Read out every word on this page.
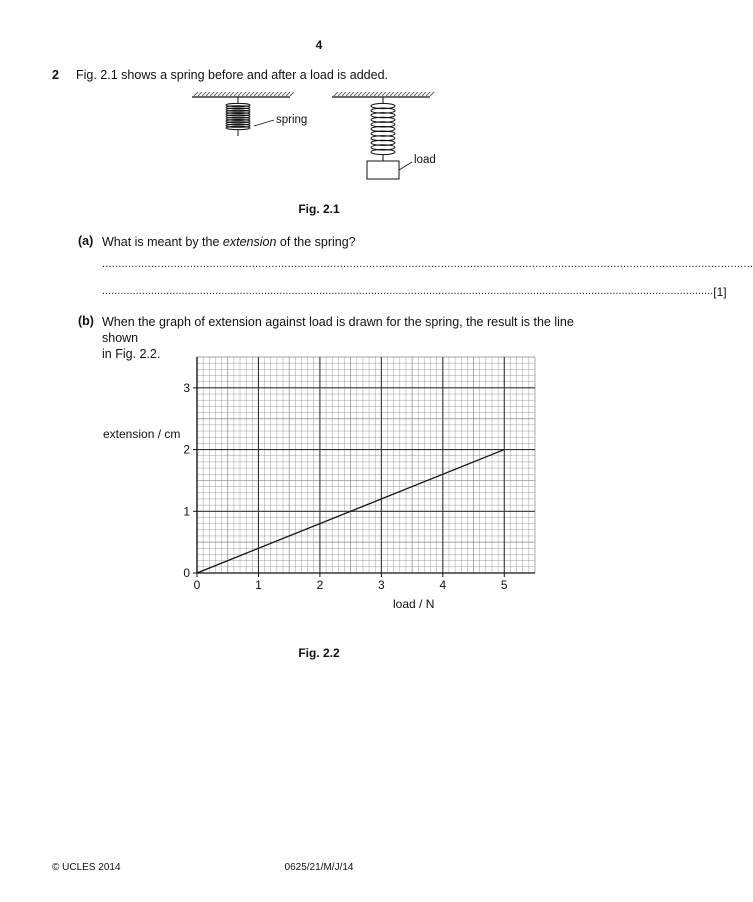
4
2 Fig. 2.1 shows a spring before and after a load is added.
spring
load
Fig. 2.1
(a) What is meant by the extension of the spring?
........................................................................................................................................................................................................
........................................................................................................................................................................................................ [1]
(b) When the graph of extension against load is drawn for the spring, the result is the line shown
in Fig. 2.2.
0	1	2	3	4	5
0
1
2
3
extension / cm
load / N
Fig. 2.2
© UCLES 2014	0625/21/M/J/14
